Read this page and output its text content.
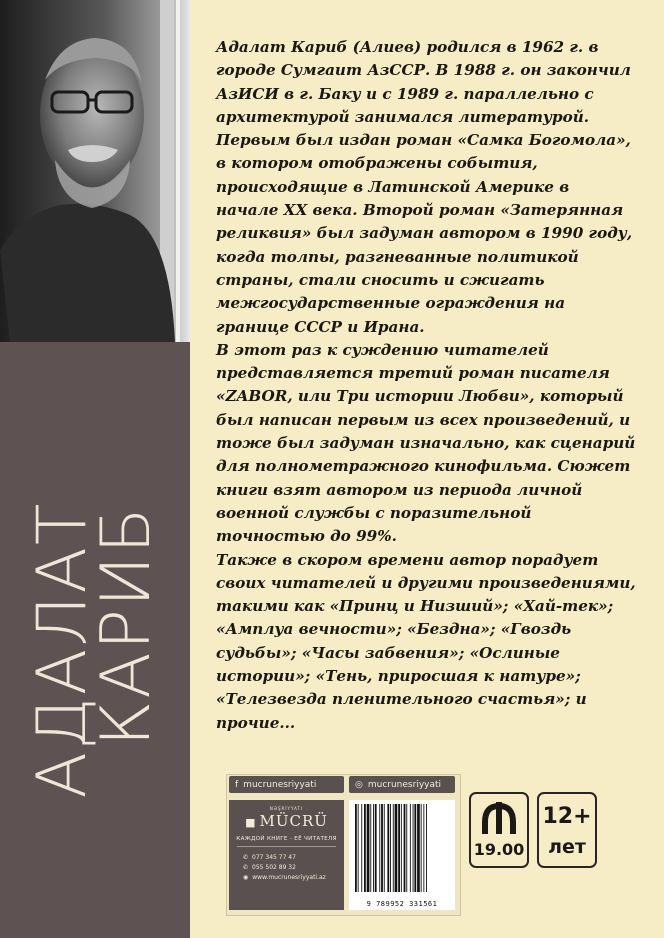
АДАЛАТ
КАРИБ

Адалат Кариб (Алиев) родился в 1962 г. в городе Сумгаит АзССР. В 1988 г. он закончил АзИСИ в г. Баку и с 1989 г. параллельно с архитектурой занимался литературой. Первым был издан роман «Самка Богомола», в котором отображены события, происходящие в Латинской Америке в начале XX века. Второй роман «Затерянная реликвия» был задуман автором в 1990 году, когда толпы, разгневанные политикой страны, стали сносить и сжигать межгосударственные ограждения на границе СССР и Ирана.

В этот раз к суждению читателей представляется третий роман писателя «ZABOR, или Три истории Любви», который был написан первым из всех произведений, и тоже был задуман изначально, как сценарий для полнометражного кинофильма. Сюжет книги взят автором из периода личной военной службы с поразительной точностью до 99%.

Также в скором времени автор порадует своих читателей и другими произведениями, такими как «Принц и Низший»; «Хай-тек»; «Амплуа вечности»; «Бездна»; «Гвоздь судьбы»; «Часы забвения»; «Ослиные истории»; «Тень, приросшая к натуре»; «Телезвезда пленительного счастья»; и прочие...

f mucrunesriyyati	◎ mucrunesriyyati
NƏŞRİYYATI
■ MÜCRÜ
КАЖДОЙ КНИГЕ - ЕЁ ЧИТАТЕЛЯ
✆ 077 345 77 47
✆ 055 502 89 32
◉ www.mucrunesriyyati.az
9 789952 331561
19.00
12+
лет
